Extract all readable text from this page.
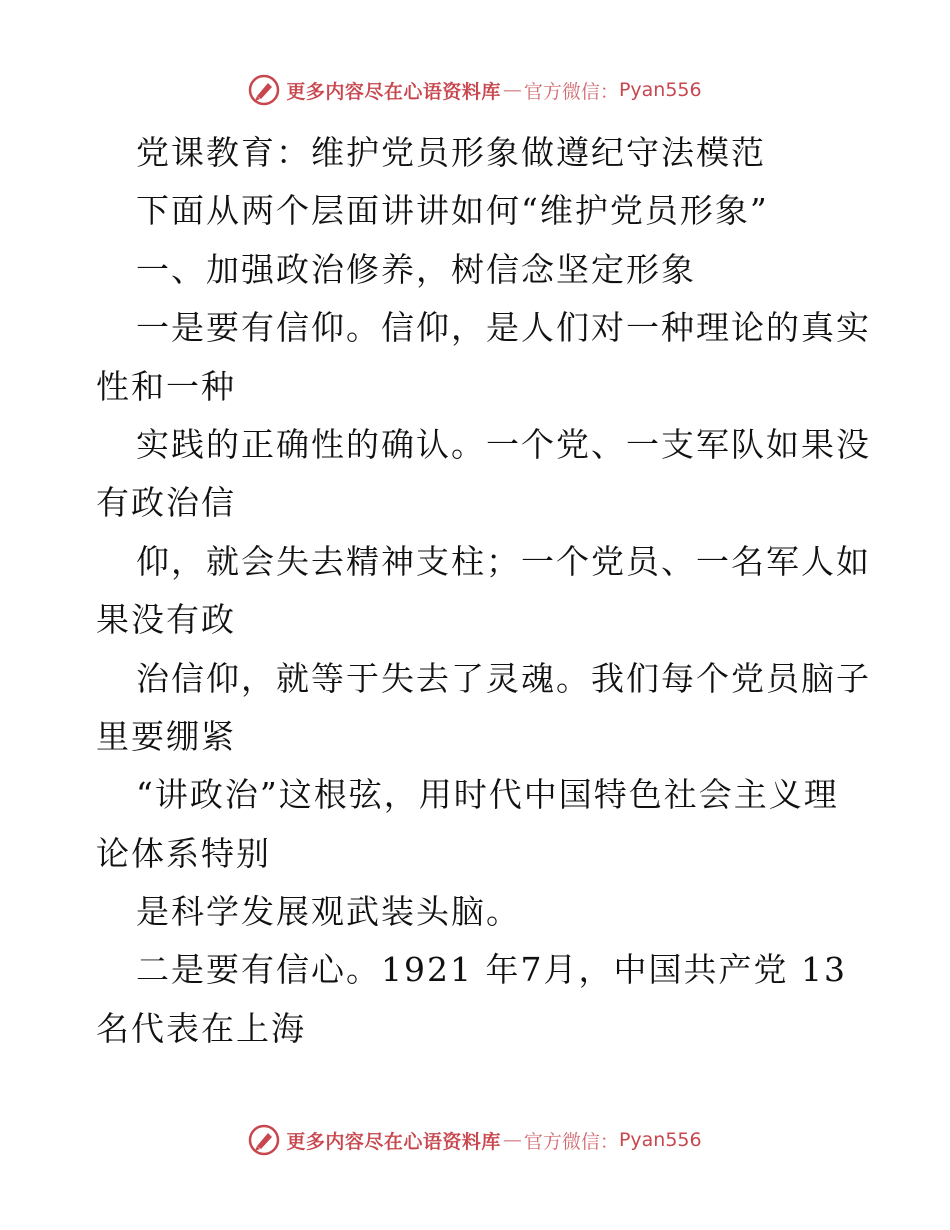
更多内容尽在心语资料库 — 官方微信： Pyan556
党课教育：维护党员形象做遵纪守法模范
下面从两个层面讲讲如何“维护党员形象”
一、加强政治修养，树信念坚定形象
一是要有信仰。信仰，是人们对一种理论的真实
性和一种
实践的正确性的确认。一个党、一支军队如果没
有政治信
仰，就会失去精神支柱；一个党员、一名军人如
果没有政
治信仰，就等于失去了灵魂。我们每个党员脑子
里要绷紧
“讲政治”这根弦，用时代中国特色社会主义理
论体系特别
是科学发展观武装头脑。
二是要有信心。1921 年7月，中国共产党 13
名代表在上海
更多内容尽在心语资料库 — 官方微信： Pyan556
